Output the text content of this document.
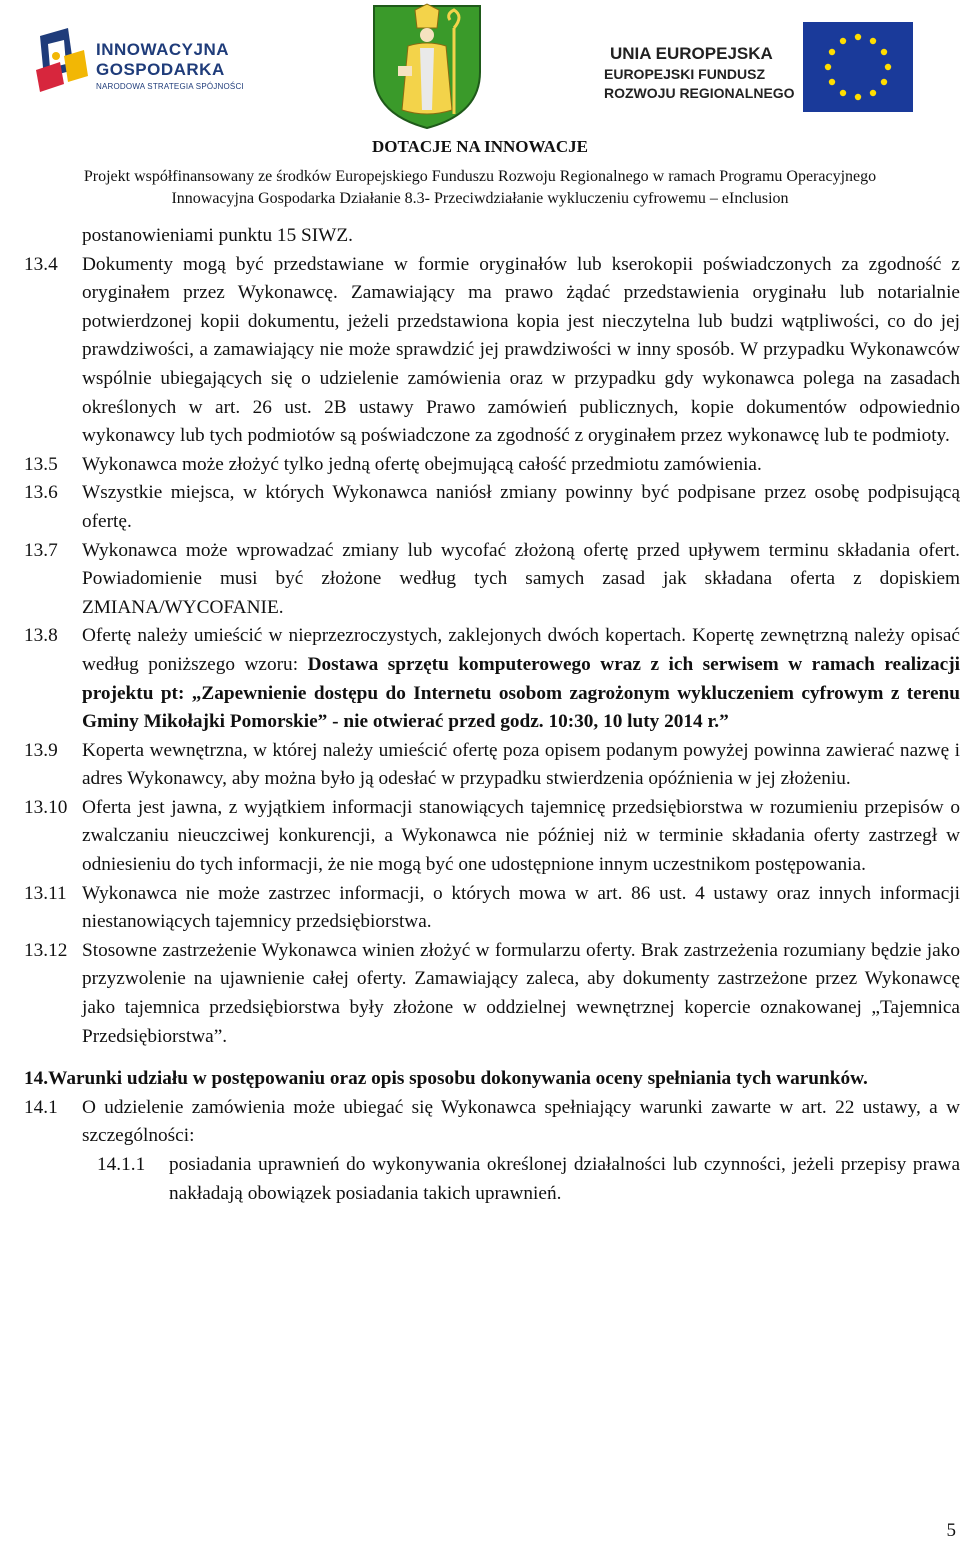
INNOWACYJNA
GOSPODARKA
NARODOWA STRATEGIA SPÓJNOŚCI
UNIA EUROPEJSKA
EUROPEJSKI FUNDUSZ
ROZWOJU REGIONALNEGO
DOTACJE NA INNOWACJE
Projekt współfinansowany ze środków Europejskiego Funduszu Rozwoju Regionalnego w ramach Programu Operacyjnego
Innowacyjna Gospodarka Działanie 8.3- Przeciwdziałanie wykluczeniu cyfrowemu – eInclusion
postanowieniami punktu 15 SIWZ.
13.4	Dokumenty mogą być przedstawiane w formie oryginałów lub kserokopii poświadczonych za zgodność z oryginałem przez Wykonawcę. Zamawiający ma prawo żądać przedstawienia oryginału lub notarialnie potwierdzonej kopii dokumentu, jeżeli przedstawiona kopia jest nieczytelna lub budzi wątpliwości, co do jej prawdziwości, a zamawiający nie może sprawdzić jej prawdziwości w inny sposób. W przypadku Wykonawców wspólnie ubiegających się o udzielenie zamówienia oraz w przypadku gdy wykonawca polega na zasadach określonych w art. 26 ust. 2B ustawy Prawo zamówień publicznych, kopie dokumentów odpowiednio wykonawcy lub tych podmiotów są poświadczone za zgodność z oryginałem przez wykonawcę lub te podmioty.
13.5	Wykonawca może złożyć tylko jedną ofertę obejmującą całość przedmiotu zamówienia.
13.6	Wszystkie miejsca, w których Wykonawca naniósł zmiany powinny być podpisane przez osobę podpisującą ofertę.
13.7	Wykonawca może wprowadzać zmiany lub wycofać złożoną ofertę przed upływem terminu składania ofert. Powiadomienie musi być złożone według tych samych zasad jak składana oferta z dopiskiem ZMIANA/WYCOFANIE.
13.8	Ofertę należy umieścić w nieprzezroczystych, zaklejonych dwóch kopertach. Kopertę zewnętrzną należy opisać według poniższego wzoru: Dostawa sprzętu komputerowego wraz z ich serwisem w ramach realizacji projektu pt: „Zapewnienie dostępu do Internetu osobom zagrożonym wykluczeniem cyfrowym z terenu Gminy Mikołajki Pomorskie” - nie otwierać przed godz. 10:30, 10 luty 2014 r.”
13.9	Koperta wewnętrzna, w której należy umieścić ofertę poza opisem podanym powyżej powinna zawierać nazwę i adres Wykonawcy, aby można było ją odesłać w przypadku stwierdzenia opóźnienia w jej złożeniu.
13.10 Oferta jest jawna, z wyjątkiem informacji stanowiących tajemnicę przedsiębiorstwa w rozumieniu przepisów o zwalczaniu nieuczciwej konkurencji, a Wykonawca nie później niż w terminie składania oferty zastrzegł w odniesieniu do tych informacji, że nie mogą być one udostępnione innym uczestnikom postępowania.
13.11 Wykonawca nie może zastrzec informacji, o których mowa w art. 86 ust. 4 ustawy oraz innych informacji niestanowiących tajemnicy przedsiębiorstwa.
13.12 Stosowne zastrzeżenie Wykonawca winien złożyć w formularzu oferty. Brak zastrzeżenia rozumiany będzie jako przyzwolenie na ujawnienie całej oferty. Zamawiający zaleca, aby dokumenty zastrzeżone przez Wykonawcę jako tajemnica przedsiębiorstwa były złożone w oddzielnej wewnętrznej kopercie oznakowanej „Tajemnica Przedsiębiorstwa”.
14. Warunki udziału w postępowaniu oraz opis sposobu dokonywania oceny spełniania tych warunków.
14.1	O udzielenie zamówienia może ubiegać się Wykonawca spełniający warunki zawarte w art. 22 ustawy, a w szczególności:
14.1.1	posiadania uprawnień do wykonywania określonej działalności lub czynności, jeżeli przepisy prawa nakładają obowiązek posiadania takich uprawnień.
5
